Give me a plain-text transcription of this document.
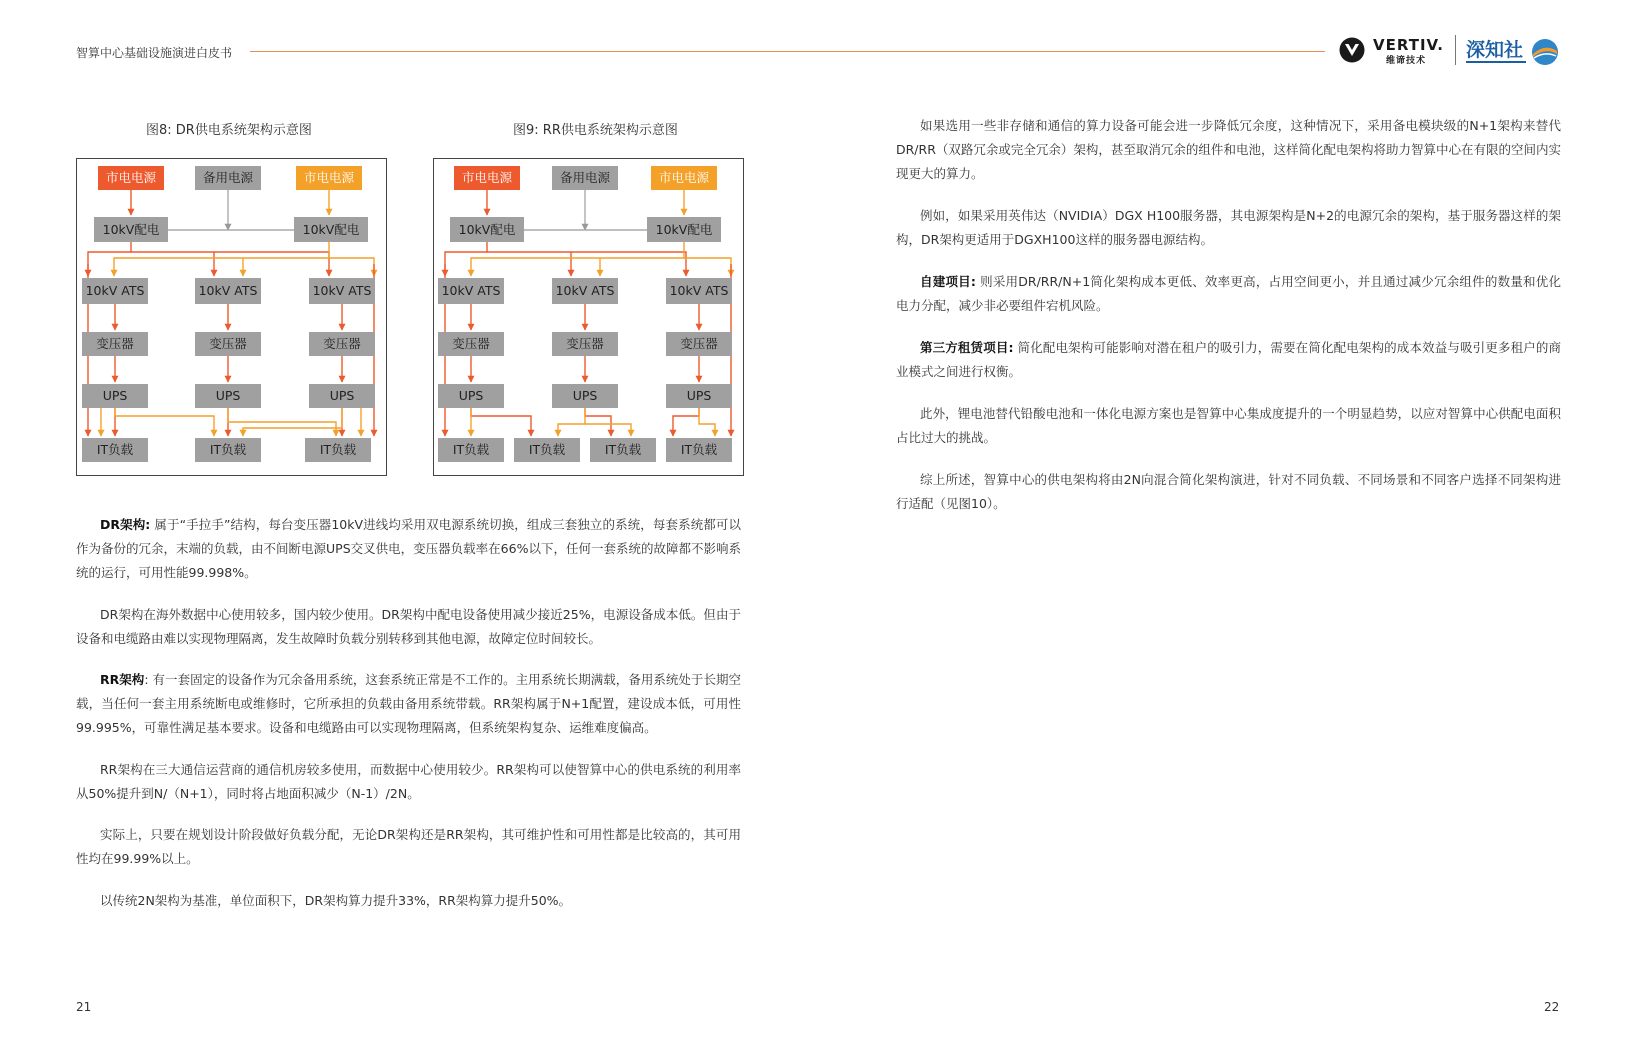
智算中心基础设施演进白皮书	VERTIV.
维谛技术 深知社
图8: DR供电系统架构示意图	图9: RR供电系统架构示意图
市电电源	备用电源	市电电源
10kV配电	10kV配电
10kV ATS	10kV ATS	10kV ATS
变压器	变压器	变压器
UPS	UPS	UPS
IT负载	IT负载	IT负载
市电电源	备用电源	市电电源
10kV配电	10kV配电
10kV ATS	10kV ATS	10kV ATS
变压器	变压器	变压器
UPS	UPS	UPS
IT负载	IT负载	IT负载	IT负载

DR架构: 属于“手拉手”结构，每台变压器10kV进线均采用双电源系统切换，组成三套独立的系统，每套系统都可以作为备份的冗余，末端的负载，由不间断电源UPS交叉供电，变压器负载率在66%以下，任何一套系统的故障都不影响系统的运行，可用性能99.998%。

DR架构在海外数据中心使用较多，国内较少使用。DR架构中配电设备使用减少接近25%，电源设备成本低。但由于设备和电缆路由难以实现物理隔离，发生故障时负载分别转移到其他电源，故障定位时间较长。

RR架构: 有一套固定的设备作为冗余备用系统，这套系统正常是不工作的。主用系统长期满载，备用系统处于长期空载，当任何一套主用系统断电或维修时，它所承担的负载由备用系统带载。RR架构属于N+1配置，建设成本低，可用性99.995%，可靠性满足基本要求。设备和电缆路由可以实现物理隔离，但系统架构复杂、运维难度偏高。

RR架构在三大通信运营商的通信机房较多使用，而数据中心使用较少。RR架构可以使智算中心的供电系统的利用率从50%提升到N/（N+1），同时将占地面积减少（N-1）/2N。

实际上，只要在规划设计阶段做好负载分配，无论DR架构还是RR架构，其可维护性和可用性都是比较高的，其可用性均在99.99%以上。

以传统2N架构为基准，单位面积下，DR架构算力提升33%，RR架构算力提升50%。

如果选用一些非存储和通信的算力设备可能会进一步降低冗余度，这种情况下，采用备电模块级的N+1架构来替代DR/RR（双路冗余或完全冗余）架构，甚至取消冗余的组件和电池，这样简化配电架构将助力智算中心在有限的空间内实现更大的算力。

例如，如果采用英伟达（NVIDIA）DGX H100服务器，其电源架构是N+2的电源冗余的架构，基于服务器这样的架构，DR架构更适用于DGXH100这样的服务器电源结构。

自建项目: 则采用DR/RR/N+1简化架构成本更低、效率更高，占用空间更小，并且通过减少冗余组件的数量和优化电力分配，减少非必要组件宕机风险。

第三方租赁项目: 简化配电架构可能影响对潜在租户的吸引力，需要在简化配电架构的成本效益与吸引更多租户的商业模式之间进行权衡。

此外，锂电池替代铅酸电池和一体化电源方案也是智算中心集成度提升的一个明显趋势，以应对智算中心供配电面积占比过大的挑战。

综上所述，智算中心的供电架构将由2N向混合简化架构演进，针对不同负载、不同场景和不同客户选择不同架构进行适配（见图10）。

21	22
